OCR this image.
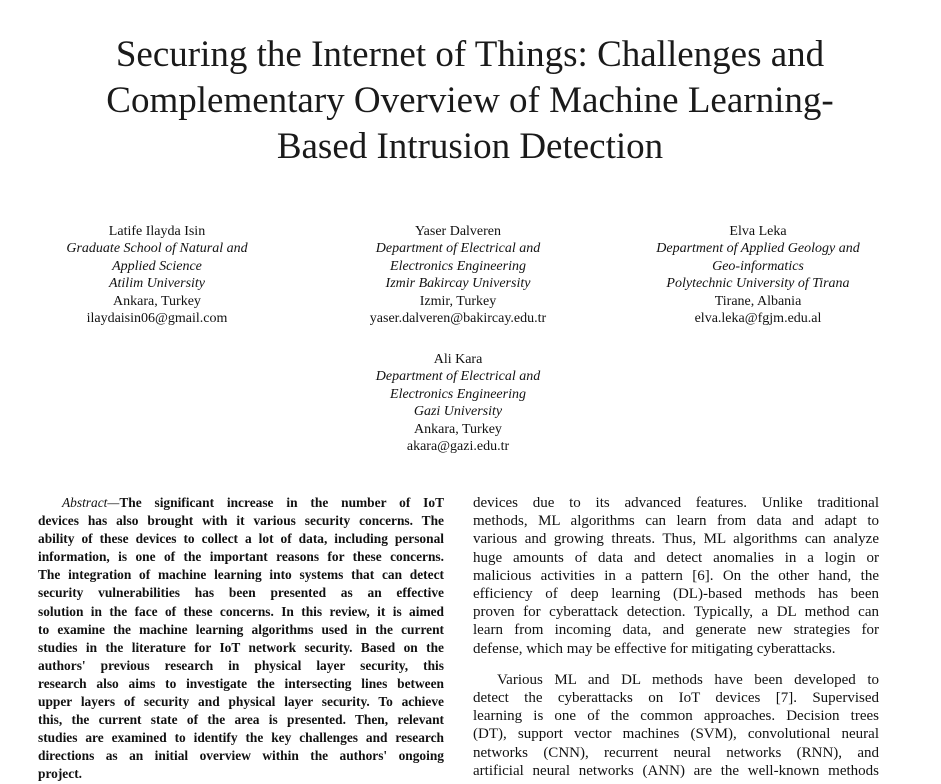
Securing the Internet of Things: Challenges and
Complementary Overview of Machine Learning-
Based Intrusion Detection
Latife Ilayda Isin
Graduate School of Natural and
Applied Science
Atilim University
Ankara, Turkey
ilaydaisin06@gmail.com
Yaser Dalveren
Department of Electrical and
Electronics Engineering
Izmir Bakircay University
Izmir, Turkey
yaser.dalveren@bakircay.edu.tr
Elva Leka
Department of Applied Geology and
Geo-informatics
Polytechnic University of Tirana
Tirane, Albania
elva.leka@fgjm.edu.al
Ali Kara
Department of Electrical and
Electronics Engineering
Gazi University
Ankara, Turkey
akara@gazi.edu.tr
Abstract—The significant increase in the number of IoT
devices has also brought with it various security concerns. The
ability of these devices to collect a lot of data, including personal
information, is one of the important reasons for these concerns.
The integration of machine learning into systems that can detect
security vulnerabilities has been presented as an effective
solution in the face of these concerns. In this review, it is aimed
to examine the machine learning algorithms used in the current
studies in the literature for IoT network security. Based on the
authors' previous research in physical layer security, this
research also aims to investigate the intersecting lines between
upper layers of security and physical layer security. To achieve
this, the current state of the area is presented. Then, relevant
studies are examined to identify the key challenges and research
directions as an initial overview within the authors' ongoing
project.
devices due to its advanced features. Unlike traditional
methods, ML algorithms can learn from data and adapt to
various and growing threats. Thus, ML algorithms can analyze
huge amounts of data and detect anomalies in a login or
malicious activities in a pattern [6]. On the other hand, the
efficiency of deep learning (DL)-based methods has been
proven for cyberattack detection. Typically, a DL method can
learn from incoming data, and generate new strategies for
defense, which may be effective for mitigating cyberattacks.
Various ML and DL methods have been developed to
detect the cyberattacks on IoT devices [7]. Supervised
learning is one of the common approaches. Decision trees
(DT), support vector machines (SVM), convolutional neural
networks (CNN), recurrent neural networks (RNN), and
artificial neural networks (ANN) are the well-known methods
